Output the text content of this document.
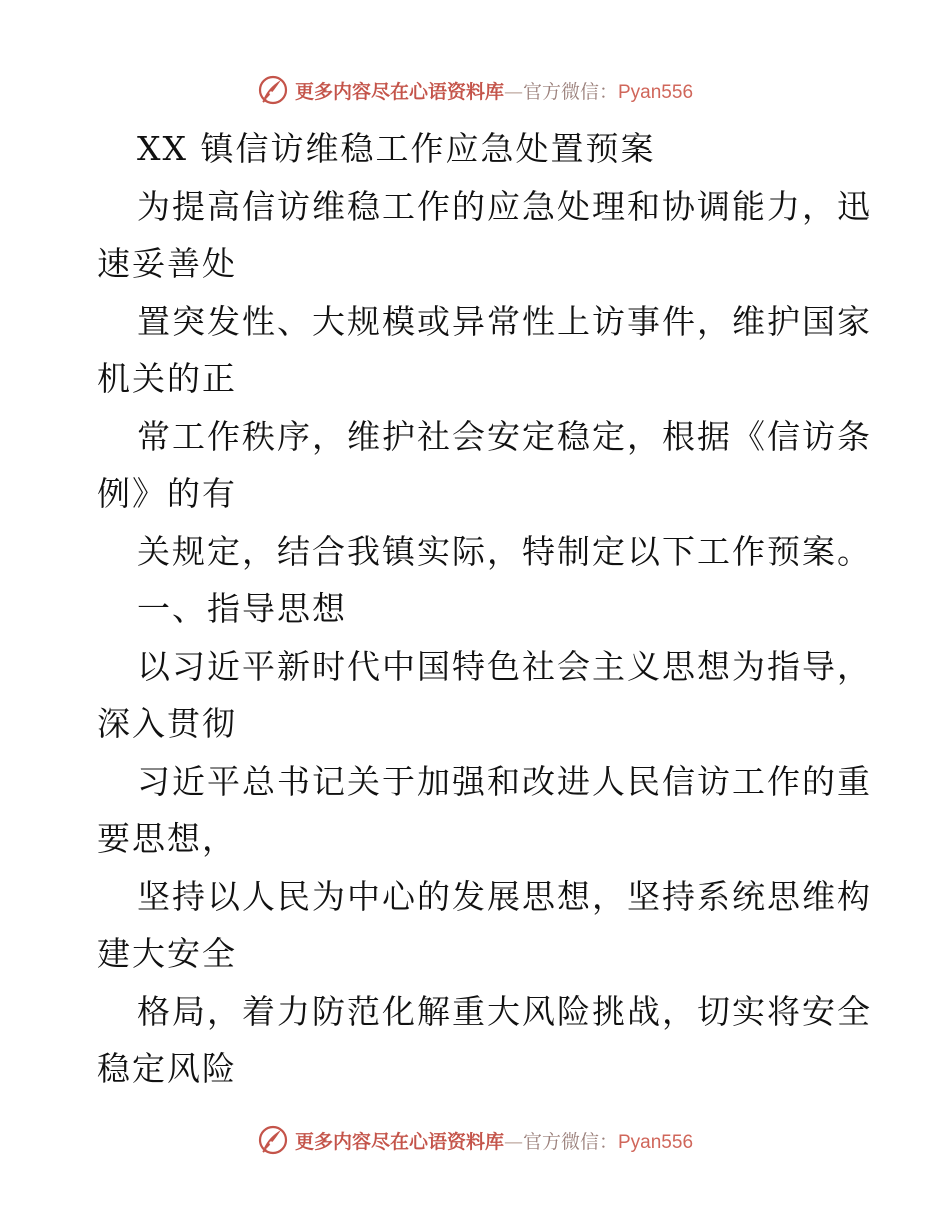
更多内容尽在心语资料库—官方微信：Pyan556
XX 镇信访维稳工作应急处置预案
为提高信访维稳工作的应急处理和协调能力，迅
速妥善处
置突发性、大规模或异常性上访事件，维护国家
机关的正
常工作秩序，维护社会安定稳定，根据《信访条
例》的有
关规定，结合我镇实际，特制定以下工作预案。
一、指导思想
以习近平新时代中国特色社会主义思想为指导，
深入贯彻
习近平总书记关于加强和改进人民信访工作的重
要思想，
坚持以人民为中心的发展思想，坚持系统思维构
建大安全
格局，着力防范化解重大风险挑战，切实将安全
稳定风险
更多内容尽在心语资料库—官方微信：Pyan556
